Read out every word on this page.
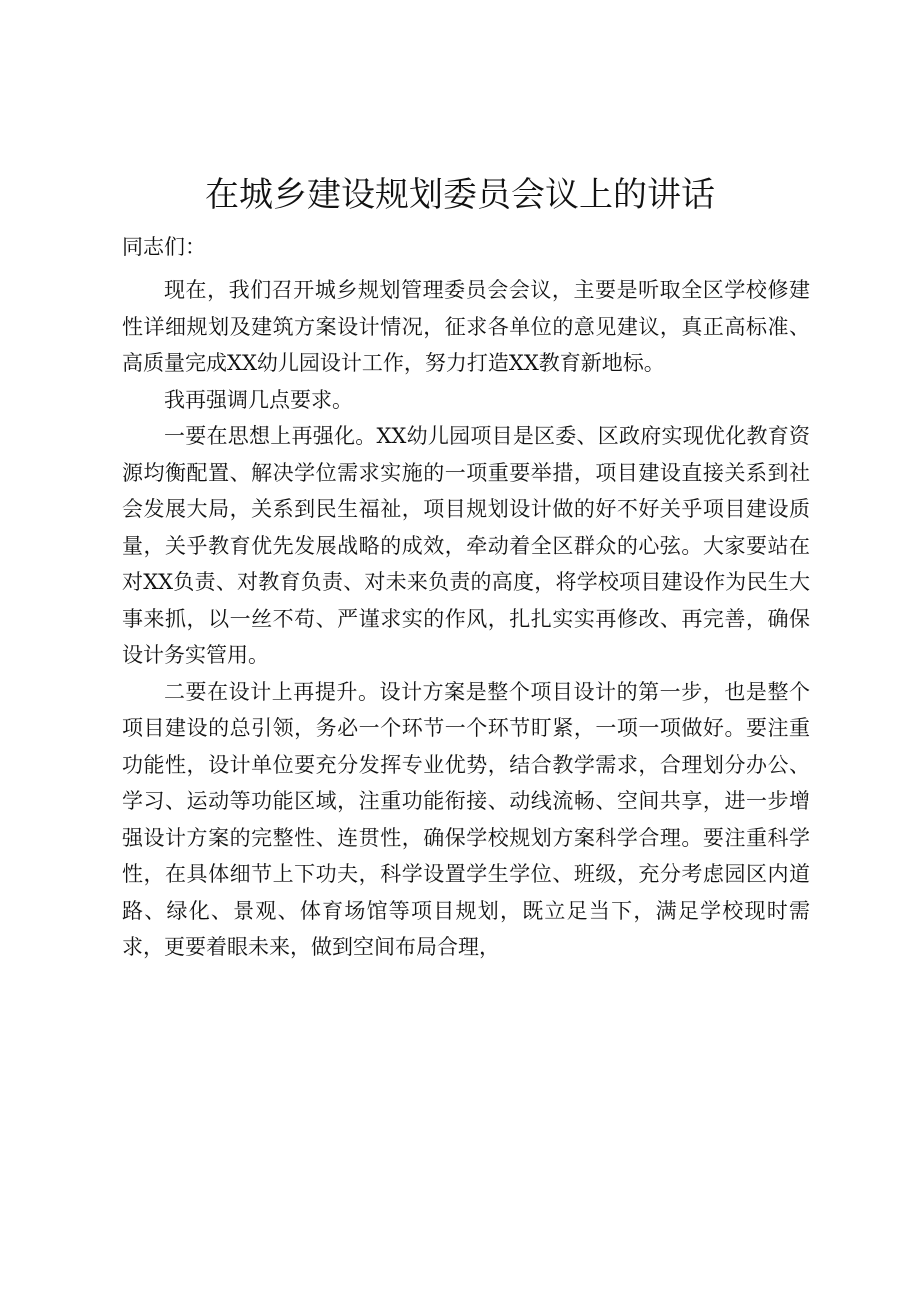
在城乡建设规划委员会议上的讲话

同志们：

现在，我们召开城乡规划管理委员会会议，主要是听取全区学校修建性详细规划及建筑方案设计情况，征求各单位的意见建议，真正高标准、高质量完成XX幼儿园设计工作，努力打造XX教育新地标。

我再强调几点要求。

一要在思想上再强化。XX幼儿园项目是区委、区政府实现优化教育资源均衡配置、解决学位需求实施的一项重要举措，项目建设直接关系到社会发展大局，关系到民生福祉，项目规划设计做的好不好关乎项目建设质量，关乎教育优先发展战略的成效，牵动着全区群众的心弦。大家要站在对XX负责、对教育负责、对未来负责的高度，将学校项目建设作为民生大事来抓，以一丝不苟、严谨求实的作风，扎扎实实再修改、再完善，确保设计务实管用。

二要在设计上再提升。设计方案是整个项目设计的第一步，也是整个项目建设的总引领，务必一个环节一个环节盯紧，一项一项做好。要注重功能性，设计单位要充分发挥专业优势，结合教学需求，合理划分办公、学习、运动等功能区域，注重功能衔接、动线流畅、空间共享，进一步增强设计方案的完整性、连贯性，确保学校规划方案科学合理。要注重科学性，在具体细节上下功夫，科学设置学生学位、班级，充分考虑园区内道路、绿化、景观、体育场馆等项目规划，既立足当下，满足学校现时需求，更要着眼未来，做到空间布局合理，
